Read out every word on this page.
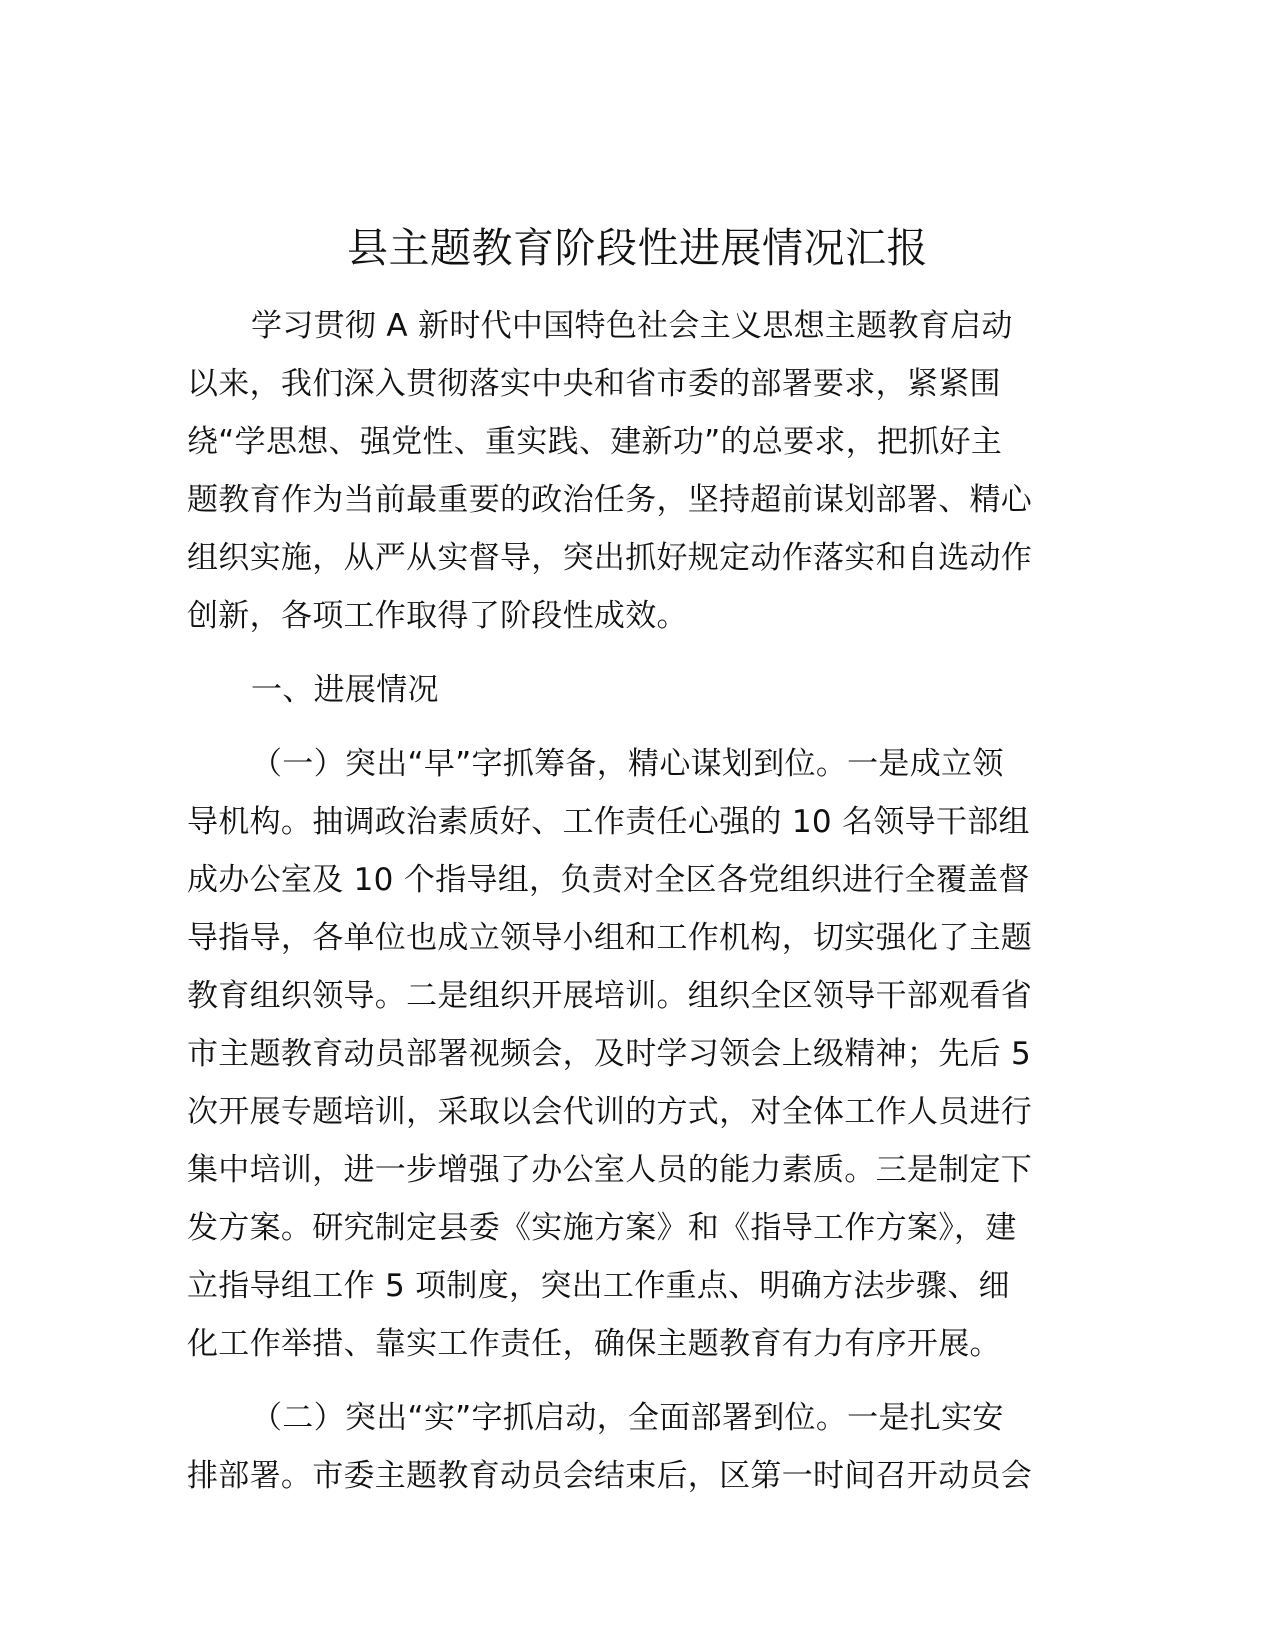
县主题教育阶段性进展情况汇报
学习贯彻 A 新时代中国特色社会主义思想主题教育启动
以来，我们深入贯彻落实中央和省市委的部署要求，紧紧围
绕“学思想、强党性、重实践、建新功”的总要求，把抓好主
题教育作为当前最重要的政治任务，坚持超前谋划部署、精心
组织实施，从严从实督导，突出抓好规定动作落实和自选动作
创新，各项工作取得了阶段性成效。
一、进展情况
（一）突出“早”字抓筹备，精心谋划到位。一是成立领
导机构。抽调政治素质好、工作责任心强的 10 名领导干部组
成办公室及 10 个指导组，负责对全区各党组织进行全覆盖督
导指导，各单位也成立领导小组和工作机构，切实强化了主题
教育组织领导。二是组织开展培训。组织全区领导干部观看省
市主题教育动员部署视频会，及时学习领会上级精神；先后 5
次开展专题培训，采取以会代训的方式，对全体工作人员进行
集中培训，进一步增强了办公室人员的能力素质。三是制定下
发方案。研究制定县委《实施方案》和《指导工作方案》，建
立指导组工作 5 项制度，突出工作重点、明确方法步骤、细
化工作举措、靠实工作责任，确保主题教育有力有序开展。
（二）突出“实”字抓启动，全面部署到位。一是扎实安
排部署。市委主题教育动员会结束后，区第一时间召开动员会
